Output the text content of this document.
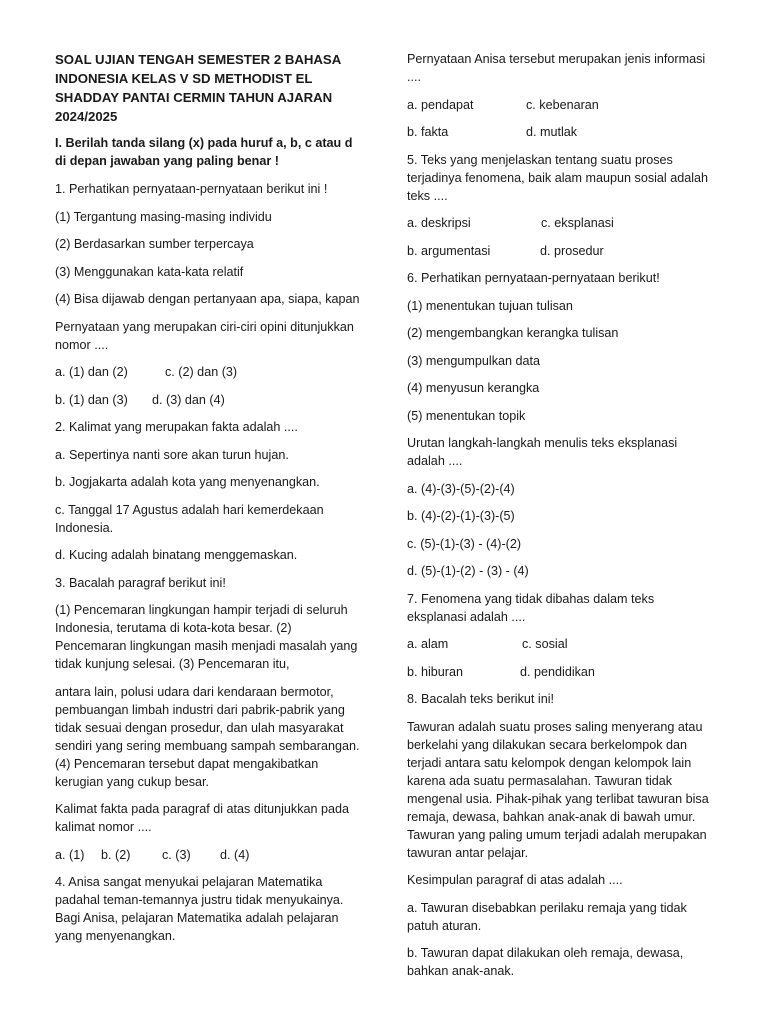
SOAL UJIAN TENGAH SEMESTER 2 BAHASA INDONESIA KELAS V SD METHODIST EL SHADDAY PANTAI CERMIN TAHUN AJARAN 2024/2025

I. Berilah tanda silang (x) pada huruf a, b, c atau d di depan jawaban yang paling benar !

1. Perhatikan pernyataan-pernyataan berikut ini !

(1) Tergantung masing-masing individu

(2) Berdasarkan sumber terpercaya

(3) Menggunakan kata-kata relatif

(4) Bisa dijawab dengan pertanyaan apa, siapa, kapan

Pernyataan yang merupakan ciri-ciri opini ditunjukkan nomor ....

a. (1) dan (2)	c. (2) dan (3)
b. (1) dan (3)	d. (3) dan (4)

2. Kalimat yang merupakan fakta adalah ....

a. Sepertinya nanti sore akan turun hujan.

b. Jogjakarta adalah kota yang menyenangkan.

c. Tanggal 17 Agustus adalah hari kemerdekaan Indonesia.

d. Kucing adalah binatang menggemaskan.

3. Bacalah paragraf berikut ini!

(1) Pencemaran lingkungan hampir terjadi di seluruh Indonesia, terutama di kota-kota besar. (2) Pencemaran lingkungan masih menjadi masalah yang tidak kunjung selesai. (3) Pencemaran itu,

antara lain, polusi udara dari kendaraan bermotor, pembuangan limbah industri dari pabrik-pabrik yang tidak sesuai dengan prosedur, dan ulah masyarakat sendiri yang sering membuang sampah sembarangan. (4) Pencemaran tersebut dapat mengakibatkan kerugian yang cukup besar.

Kalimat fakta pada paragraf di atas ditunjukkan pada kalimat nomor ....

a. (1)	b. (2)	c. (3)	d. (4)

4. Anisa sangat menyukai pelajaran Matematika padahal teman-temannya justru tidak menyukainya. Bagi Anisa, pelajaran Matematika adalah pelajaran yang menyenangkan.

Pernyataan Anisa tersebut merupakan jenis informasi ....

a. pendapat	c. kebenaran
b. fakta	d. mutlak

5. Teks yang menjelaskan tentang suatu proses terjadinya fenomena, baik alam maupun sosial adalah teks ....

a. deskripsi	c. eksplanasi
b. argumentasi	d. prosedur

6. Perhatikan pernyataan-pernyataan berikut!

(1) menentukan tujuan tulisan

(2) mengembangkan kerangka tulisan

(3) mengumpulkan data

(4) menyusun kerangka

(5) menentukan topik

Urutan langkah-langkah menulis teks eksplanasi adalah ....

a. (4)-(3)-(5)-(2)-(4)

b. (4)-(2)-(1)-(3)-(5)

c. (5)-(1)-(3) - (4)-(2)

d. (5)-(1)-(2) - (3) - (4)

7. Fenomena yang tidak dibahas dalam teks eksplanasi adalah ....

a. alam	c. sosial
b. hiburan	d. pendidikan

8. Bacalah teks berikut ini!

Tawuran adalah suatu proses saling menyerang atau berkelahi yang dilakukan secara berkelompok dan terjadi antara satu kelompok dengan kelompok lain karena ada suatu permasalahan. Tawuran tidak mengenal usia. Pihak-pihak yang terlibat tawuran bisa remaja, dewasa, bahkan anak-anak di bawah umur. Tawuran yang paling umum terjadi adalah merupakan tawuran antar pelajar.

Kesimpulan paragraf di atas adalah ....

a. Tawuran disebabkan perilaku remaja yang tidak patuh aturan.

b. Tawuran dapat dilakukan oleh remaja, dewasa, bahkan anak-anak.
